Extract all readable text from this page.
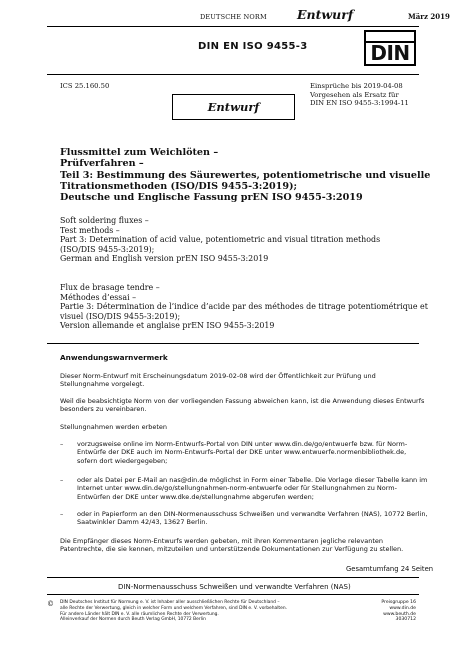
DEUTSCHE NORM Entwurf	März 2019
DIN EN ISO 9455-3	DIN
ICS 25.160.50	Einsprüche bis 2019-04-08
Vorgesehen als Ersatz für
DIN EN ISO 9455-3:1994-11
Entwurf
Flussmittel zum Weichlöten –
Prüfverfahren –
Teil 3: Bestimmung des Säurewertes, potentiometrische und visuelle
Titrationsmethoden (ISO/DIS 9455-3:2019);
Deutsche und Englische Fassung prEN ISO 9455-3:2019
Soft soldering fluxes –
Test methods –
Part 3: Determination of acid value, potentiometric and visual titration methods
(ISO/DIS 9455-3:2019);
German and English version prEN ISO 9455-3:2019
Flux de brasage tendre –
Méthodes d’essai –
Partie 3: Détermination de l’indice d’acide par des méthodes de titrage potentiométrique et
visuel (ISO/DIS 9455-3:2019);
Version allemande et anglaise prEN ISO 9455-3:2019
Anwendungswarnvermerk
Dieser Norm-Entwurf mit Erscheinungsdatum 2019-02-08 wird der Öffentlichkeit zur Prüfung und
Stellungnahme vorgelegt.
Weil die beabsichtigte Norm von der vorliegenden Fassung abweichen kann, ist die Anwendung dieses Entwurfs
besonders zu vereinbaren.
Stellungnahmen werden erbeten
– vorzugsweise online im Norm-Entwurfs-Portal von DIN unter www.din.de/go/entwuerfe bzw. für Norm-
Entwürfe der DKE auch im Norm-Entwurfs-Portal der DKE unter www.entwuerfe.normenbibliothek.de,
sofern dort wiedergegeben;
– oder als Datei per E-Mail an nas@din.de möglichst in Form einer Tabelle. Die Vorlage dieser Tabelle kann im
Internet unter www.din.de/go/stellungnahmen-norm-entwuerfe oder für Stellungnahmen zu Norm-
Entwürfen der DKE unter www.dke.de/stellungnahme abgerufen werden;
– oder in Papierform an den DIN-Normenausschuss Schweißen und verwandte Verfahren (NAS), 10772 Berlin,
Saatwinkler Damm 42/43, 13627 Berlin.
Die Empfänger dieses Norm-Entwurfs werden gebeten, mit ihren Kommentaren jegliche relevanten
Patentrechte, die sie kennen, mitzuteilen und unterstützende Dokumentationen zur Verfügung zu stellen.
Gesamtumfang 24 Seiten
DIN-Normenausschuss Schweißen und verwandte Verfahren (NAS)
© DIN Deutsches Institut für Normung e. V. ist Inhaber aller ausschließlichen Rechte für Deutschland –
alle Rechte der Verwertung, gleich in welcher Form und welchem Verfahren, sind DIN e. V. vorbehalten.
Für andere Länder hält DIN e. V. alle räumlichen Rechte der Verwertung.
Alleinverkauf der Normen durch Beuth Verlag GmbH, 10772 Berlin
Preisgruppe 16
www.din.de
www.beuth.de
3030712
